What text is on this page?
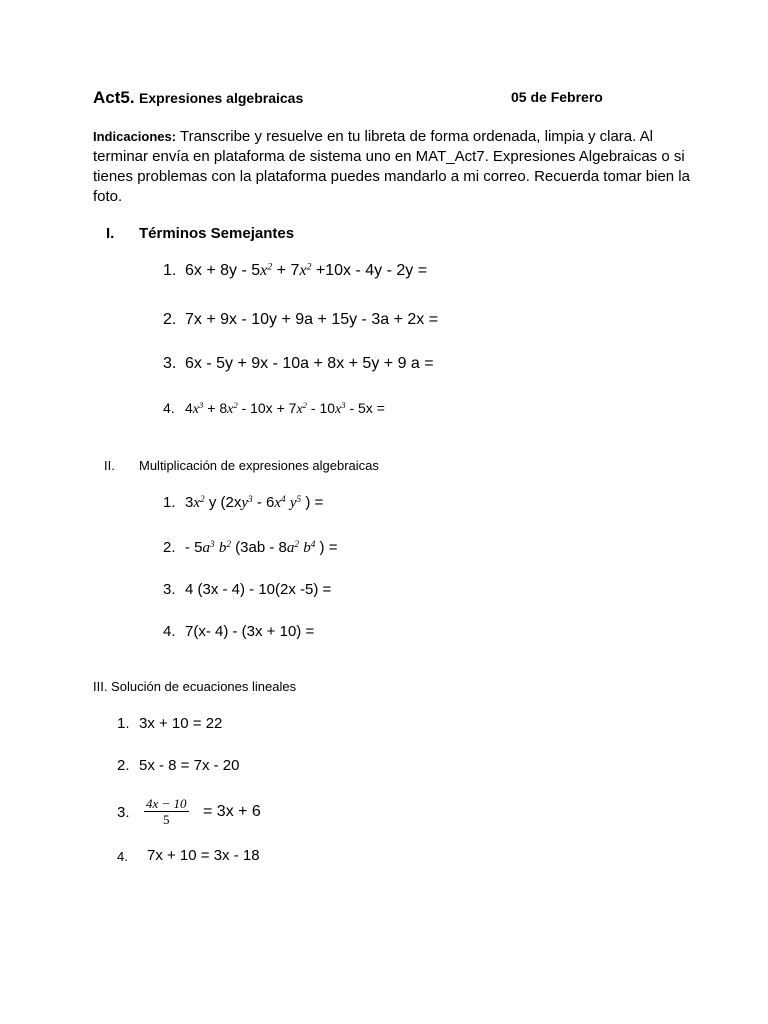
Act5. Expresiones algebraicas	05 de Febrero
Indicaciones: Transcribe y resuelve en tu libreta de forma ordenada, limpia y clara. Al terminar envía en plataforma de sistema uno en MAT_Act7. Expresiones Algebraicas o si tienes problemas con la plataforma puedes mandarlo a mi correo. Recuerda tomar bien la foto.
I. Términos Semejantes
1. $6x + 8y - 5x^2 + 7x^2 +10x - 4y - 2y$ =
2. 7x + 9x - 10y + 9a + 15y - 3a + 2x =
3. 6x - 5y + 9x - 10a + 8x + 5y + 9 a =
4. $4x^3 + 8x^2 - 10x + 7x^2 - 10x^3 - 5x$ =
II. Multiplicación de expresiones algebraicas
1. $3x^2$ y ($2xy^3 - 6x^4$ $y^5$ ) =
2. - $5a^3$ $b^2$ ($3ab - 8a^2$ $b^4$ ) =
3. 4 (3x - 4) - 10(2x -5) =
4. 7(x- 4) - (3x + 10) =
III. Solución de ecuaciones lineales
1. 3x + 10 = 22
2. 5x - 8 = 7x - 20
3. $\frac{4x - 10}{5} = 3x + 6$
4. 7x + 10 = 3x - 18
